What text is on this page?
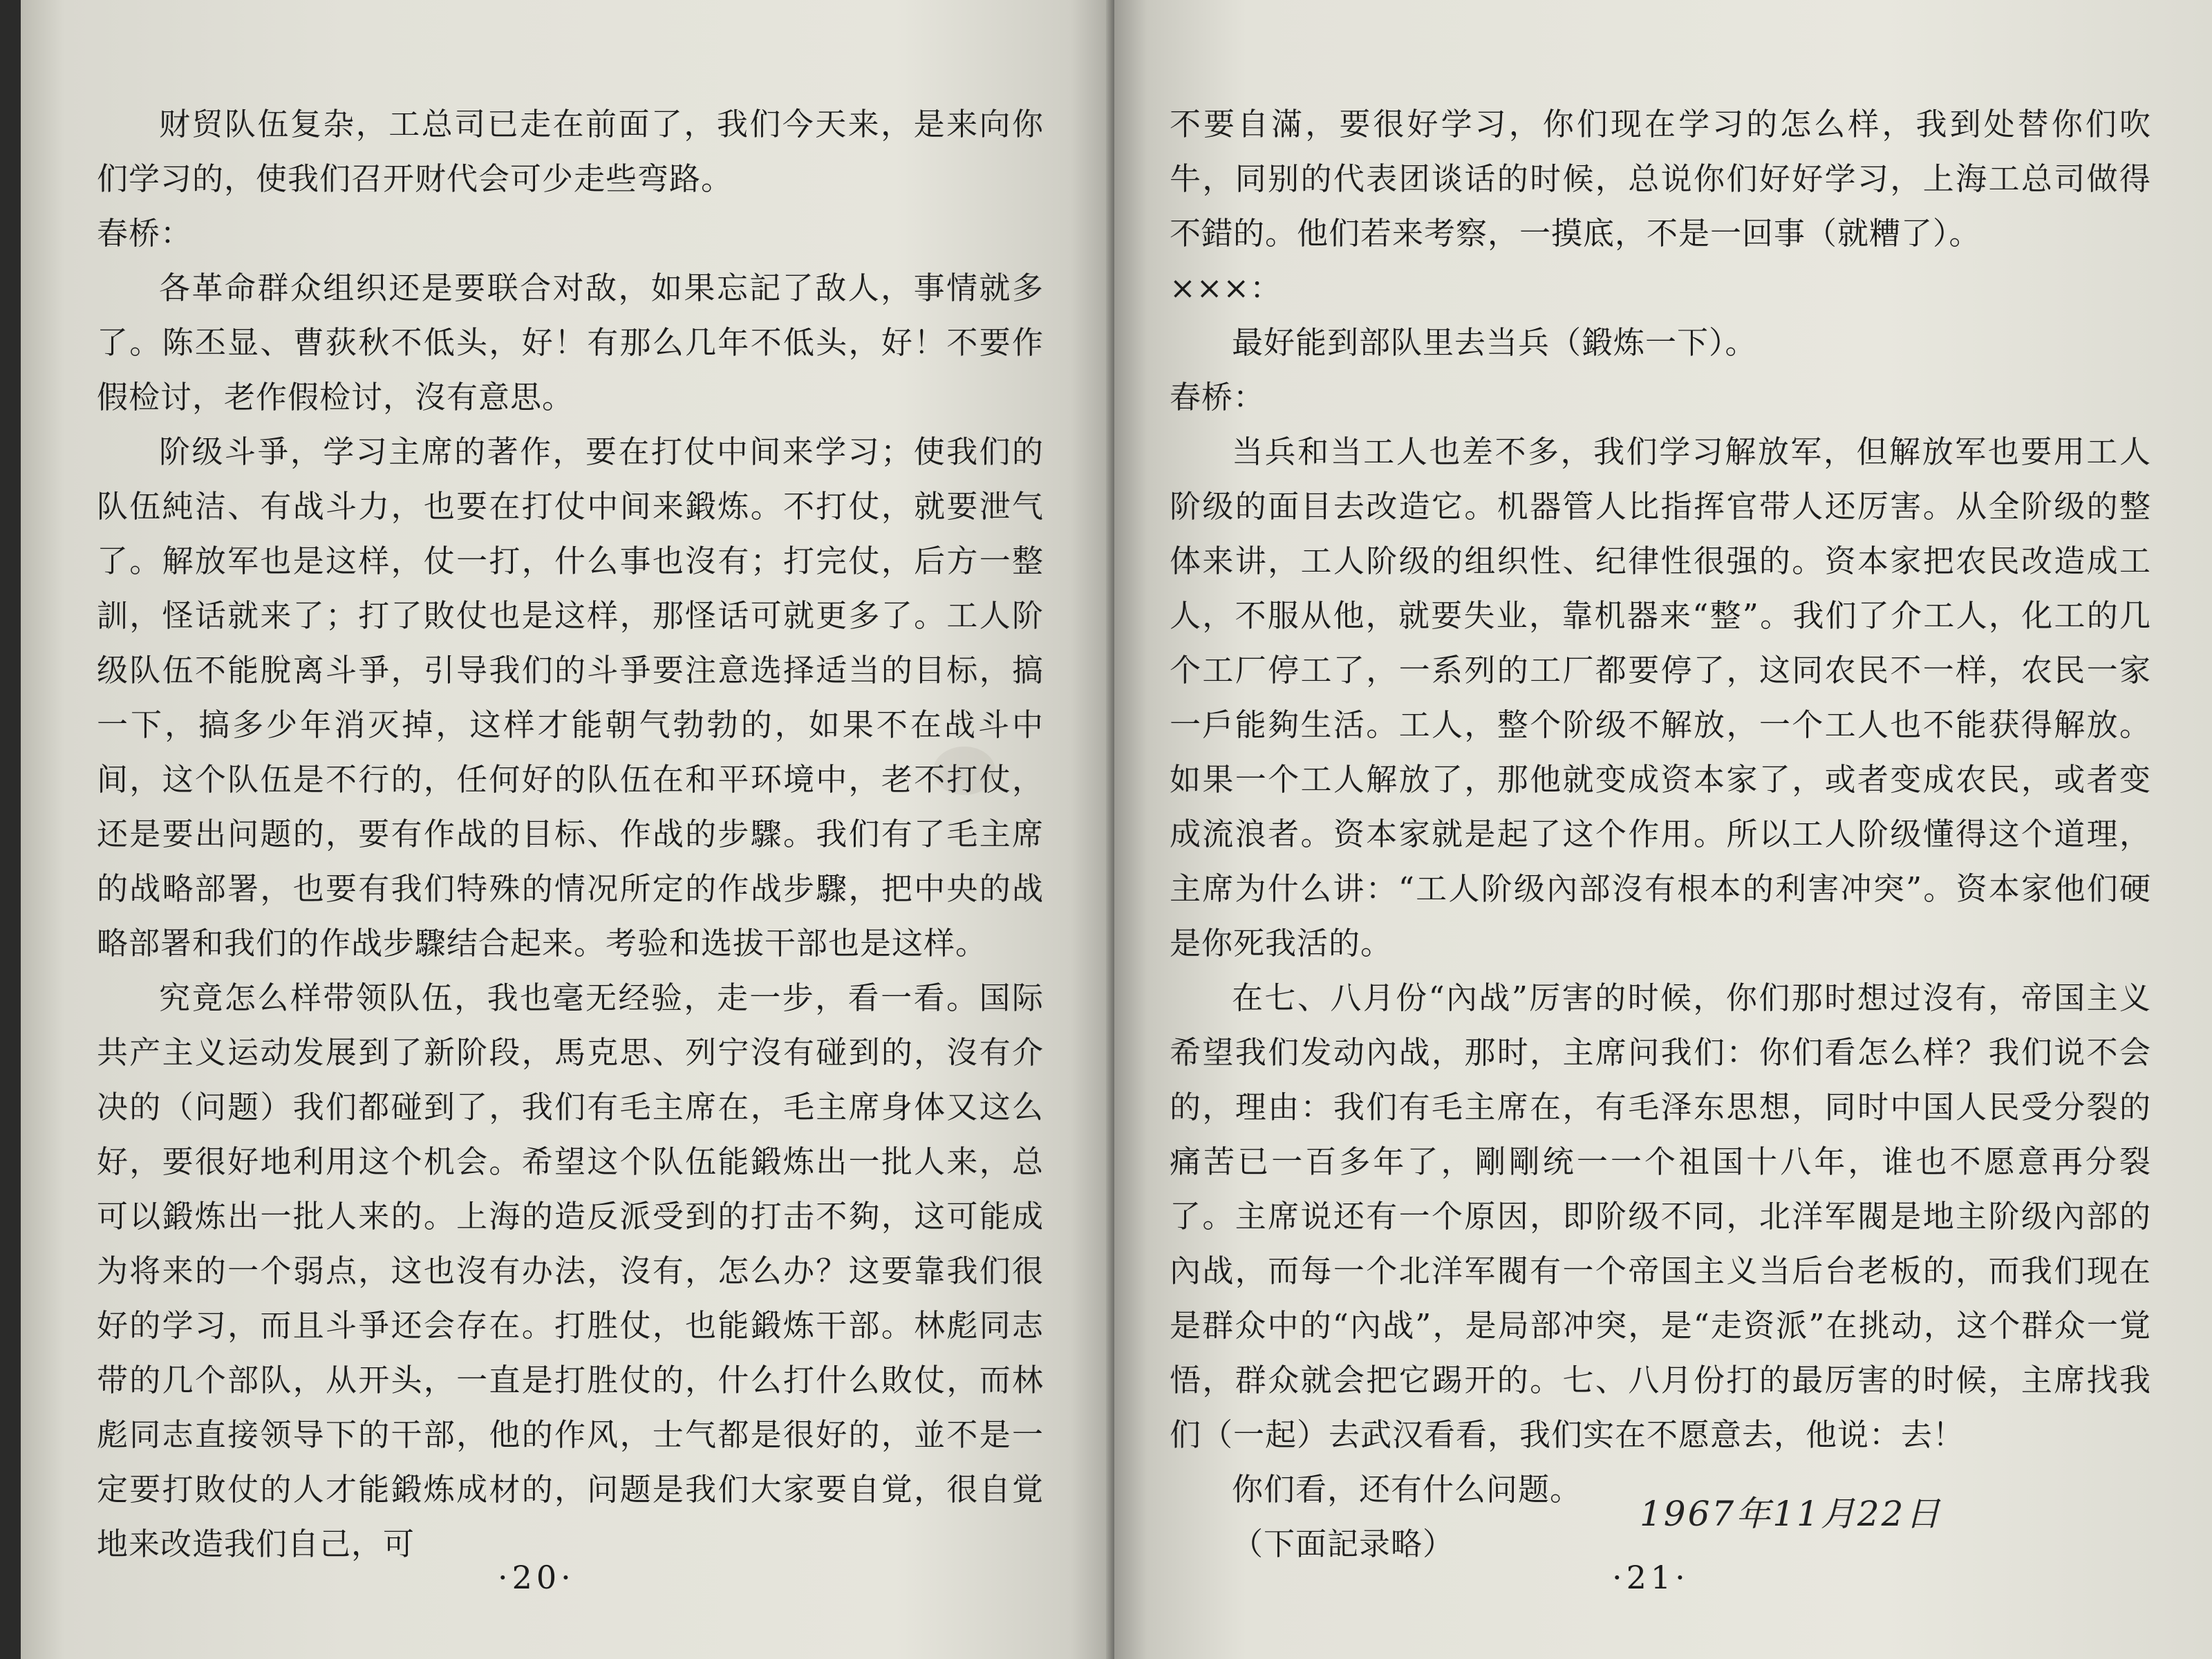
财贸队伍复杂，工总司已走在前面了，我们今天来，是来向你们学习的，使我们召开财代会可少走些弯路。

春桥：

各革命群众组织还是要联合对敌，如果忘記了敌人，事情就多了。陈丕显、曹荻秋不低头，好！有那么几年不低头，好！不要作假检讨，老作假检讨，沒有意思。

阶级斗爭，学习主席的著作，要在打仗中间来学习；使我们的队伍純洁、有战斗力，也要在打仗中间来鍛炼。不打仗，就要泄气了。解放军也是这样，仗一打，什么事也沒有；打完仗，后方一整訓，怪话就来了；打了敗仗也是这样，那怪话可就更多了。工人阶级队伍不能脫离斗爭，引导我们的斗爭要注意选择适当的目标，搞一下，搞多少年消灭掉，这样才能朝气勃勃的，如果不在战斗中间，这个队伍是不行的，任何好的队伍在和平环境中，老不打仗，还是要出问题的，要有作战的目标、作战的步驟。我们有了毛主席的战略部署，也要有我们特殊的情况所定的作战步驟，把中央的战略部署和我们的作战步驟结合起来。考验和选拔干部也是这样。

究竟怎么样带领队伍，我也毫无经验，走一步，看一看。国际共产主义运动发展到了新阶段，馬克思、列宁沒有碰到的，沒有介决的（问题）我们都碰到了，我们有毛主席在，毛主席身体又这么好，要很好地利用这个机会。希望这个队伍能鍛炼出一批人来，总可以鍛炼出一批人来的。上海的造反派受到的打击不夠，这可能成为将来的一个弱点，这也沒有办法，沒有，怎么办？这要靠我们很好的学习，而且斗爭还会存在。打胜仗，也能鍛炼干部。林彪同志带的几个部队，从开头，一直是打胜仗的，什么打什么敗仗，而林彪同志直接领导下的干部，他的作风，士气都是很好的，並不是一定要打敗仗的人才能鍛炼成材的，问题是我们大家要自覚，很自覚地来改造我们自己，可

·20·

不要自滿，要很好学习，你们现在学习的怎么样，我到处替你们吹牛，同别的代表团谈话的时候，总说你们好好学习，上海工总司做得不錯的。他们若来考察，一摸底，不是一回事（就糟了）。

×××：

最好能到部队里去当兵（鍛炼一下）。

春桥：

当兵和当工人也差不多，我们学习解放军，但解放军也要用工人阶级的面目去改造它。机器管人比指挥官带人还厉害。从全阶级的整体来讲，工人阶级的组织性、纪律性很强的。资本家把农民改造成工人，不服从他，就要失业，靠机器来“整”。我们了介工人，化工的几个工厂停工了，一系列的工厂都要停了，这同农民不一样，农民一家一戶能夠生活。工人，整个阶级不解放，一个工人也不能获得解放。如果一个工人解放了，那他就变成资本家了，或者变成农民，或者变成流浪者。资本家就是起了这个作用。所以工人阶级懂得这个道理，主席为什么讲：“工人阶级內部沒有根本的利害冲突”。资本家他们硬是你死我活的。

在七、八月份“內战”厉害的时候，你们那时想过沒有，帝国主义希望我们发动內战，那时，主席问我们：你们看怎么样？我们说不会的，理由：我们有毛主席在，有毛泽东思想，同时中国人民受分裂的痛苦已一百多年了，剛剛统一一个祖国十八年，谁也不愿意再分裂了。主席说还有一个原因，即阶级不同，北洋军閥是地主阶级內部的內战，而每一个北洋军閥有一个帝国主义当后台老板的，而我们现在是群众中的“內战”，是局部冲突，是“走资派”在挑动，这个群众一覚悟，群众就会把它踢开的。七、八月份打的最厉害的时候，主席找我们（一起）去武汉看看，我们实在不愿意去，他说：去！

你们看，还有什么问题。

（下面記录略）

1967年11月22日
·21·
